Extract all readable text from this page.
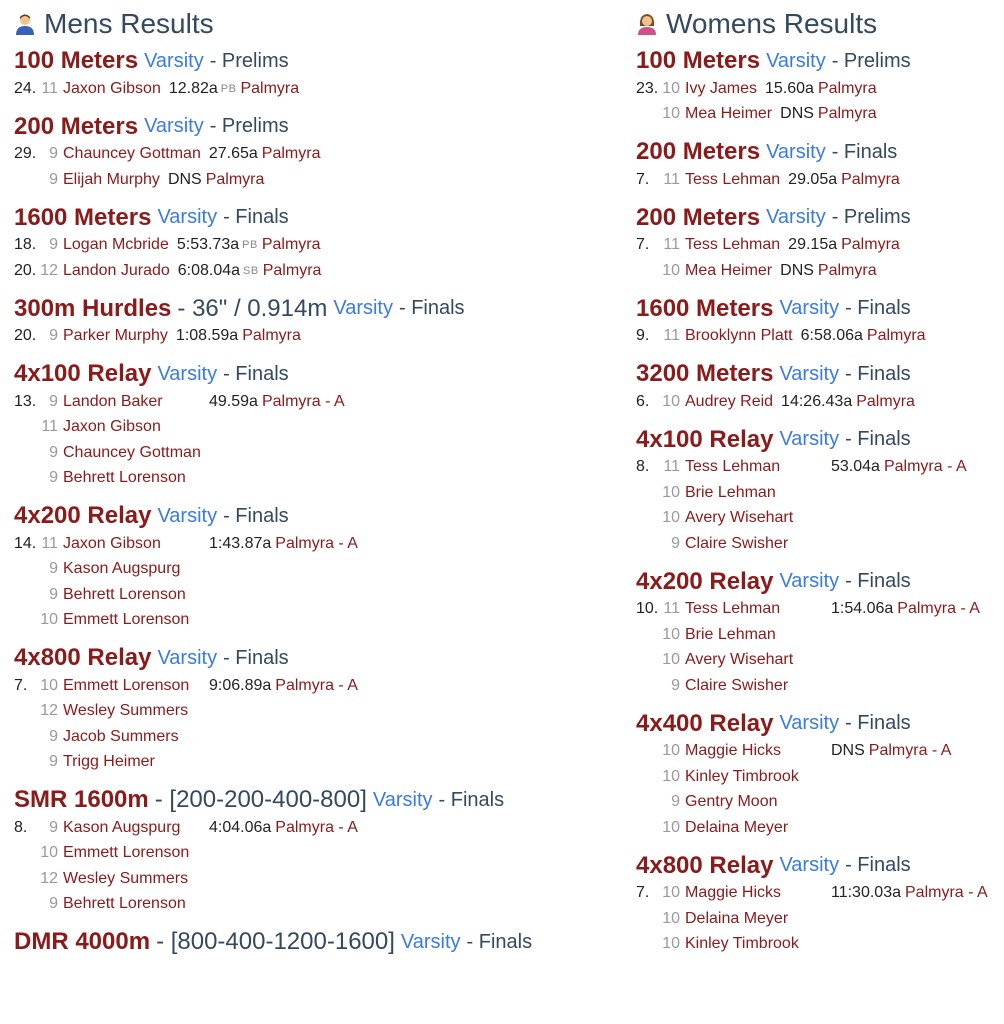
Mens Results
100 Meters Varsity - Prelims
24. 11 Jaxon Gibson 12.82a PB Palmyra
200 Meters Varsity - Prelims
29. 9 Chauncey Gottman 27.65a Palmyra
9 Elijah Murphy DNS Palmyra
1600 Meters Varsity - Finals
18. 9 Logan Mcbride 5:53.73a PB Palmyra
20. 12 Landon Jurado 6:08.04a SB Palmyra
300m Hurdles - 36" / 0.914m Varsity - Finals
20. 9 Parker Murphy 1:08.59a Palmyra
4x100 Relay Varsity - Finals
13. 9 Landon Baker	49.59a Palmyra - A
11 Jaxon Gibson
9 Chauncey Gottman
9 Behrett Lorenson
4x200 Relay Varsity - Finals
14. 11 Jaxon Gibson	1:43.87a Palmyra - A
9 Kason Augspurg
9 Behrett Lorenson
10 Emmett Lorenson
4x800 Relay Varsity - Finals
7. 10 Emmett Lorenson	9:06.89a Palmyra - A
12 Wesley Summers
9 Jacob Summers
9 Trigg Heimer
SMR 1600m - [200-200-400-800] Varsity - Finals
8.	9 Kason Augspurg	4:04.06a Palmyra - A
10 Emmett Lorenson
12 Wesley Summers
9 Behrett Lorenson
DMR 4000m - [800-400-1200-1600] Varsity - Finals
Womens Results
100 Meters Varsity - Prelims
23. 10 Ivy James 15.60a Palmyra
10 Mea Heimer DNS Palmyra
200 Meters Varsity - Finals
7. 11 Tess Lehman 29.05a Palmyra
200 Meters Varsity - Prelims
7. 11 Tess Lehman 29.15a Palmyra
10 Mea Heimer DNS Palmyra
1600 Meters Varsity - Finals
9. 11 Brooklynn Platt 6:58.06a Palmyra
3200 Meters Varsity - Finals
6. 10 Audrey Reid 14:26.43a Palmyra
4x100 Relay Varsity - Finals
8. 11 Tess Lehman	53.04a Palmyra - A
10 Brie Lehman
10 Avery Wisehart
9 Claire Swisher
4x200 Relay Varsity - Finals
10. 11 Tess Lehman	1:54.06a Palmyra - A
10 Brie Lehman
10 Avery Wisehart
9 Claire Swisher
4x400 Relay Varsity - Finals
10 Maggie Hicks	DNS Palmyra - A
10 Kinley Timbrook
9 Gentry Moon
10 Delaina Meyer
4x800 Relay Varsity - Finals
7. 10 Maggie Hicks	11:30.03a Palmyra - A
10 Delaina Meyer
10 Kinley Timbrook
